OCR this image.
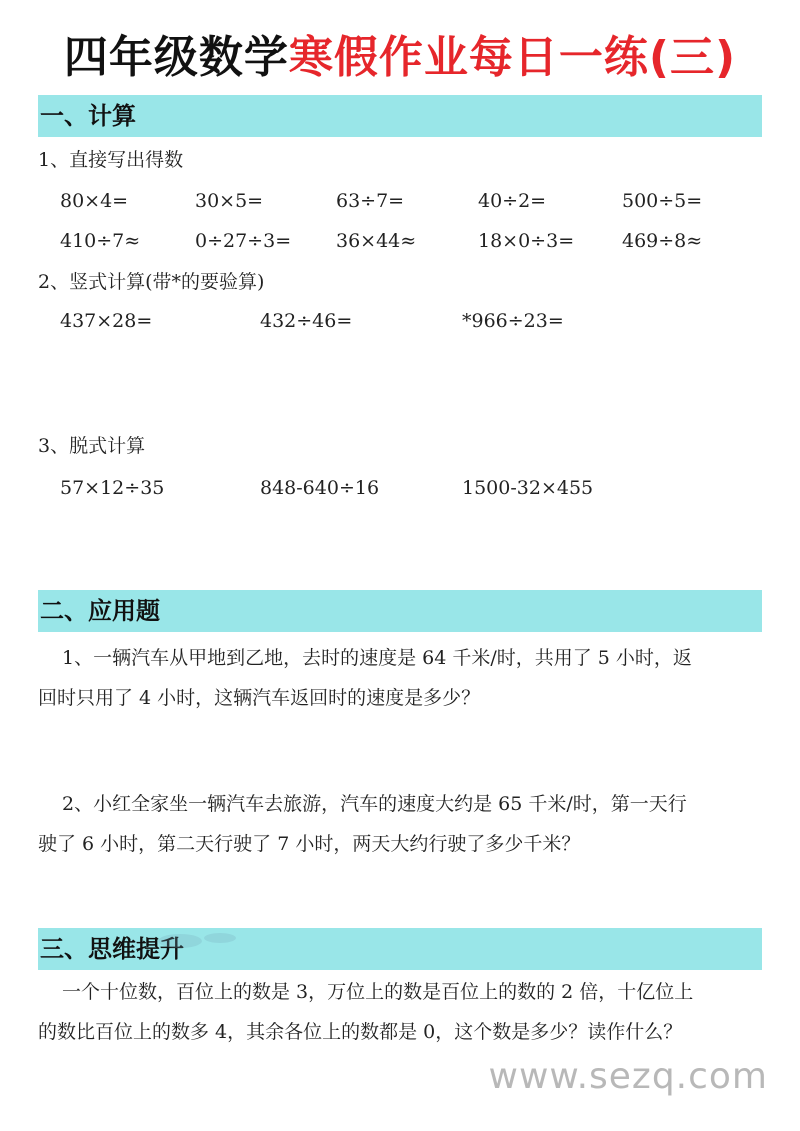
四年级数学寒假作业每日一练(三)
一、计算
1、直接写出得数
80×4=	30×5=	63÷7=	40÷2=	500÷5=
410÷7≈	0÷27÷3= 36×44≈	18×0÷3=	469÷8≈
2、竖式计算(带*的要验算)
437×28=	432÷46=	*966÷23=
3、脱式计算
57×12÷35	848-640÷16	1500-32×455
二、应用题
1、一辆汽车从甲地到乙地，去时的速度是 64 千米/时，共用了 5 小时，返
回时只用了 4 小时，这辆汽车返回时的速度是多少？
2、小红全家坐一辆汽车去旅游，汽车的速度大约是 65 千米/时，第一天行
驶了 6 小时，第二天行驶了 7 小时，两天大约行驶了多少千米？
三、思维提升
一个十位数，百位上的数是 3，万位上的数是百位上的数的 2 倍，十亿位上
的数比百位上的数多 4，其余各位上的数都是 0，这个数是多少？读作什么？
www.sezq.com
